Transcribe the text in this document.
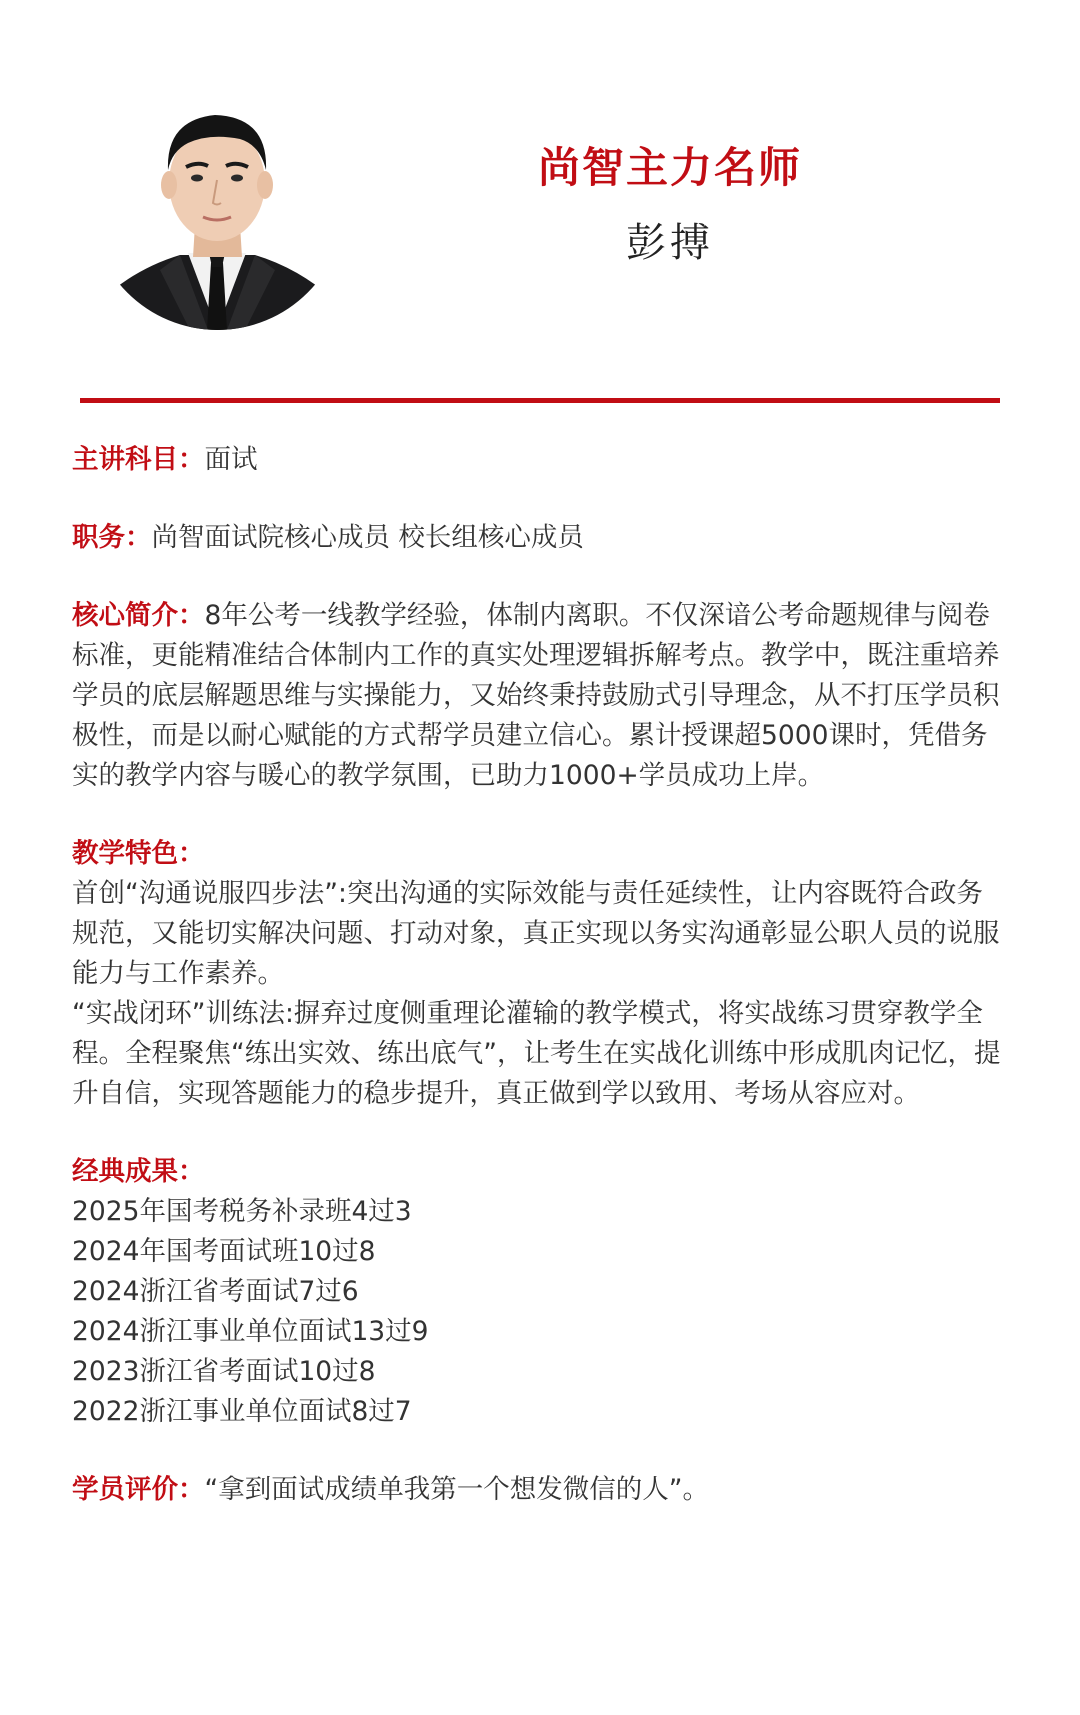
尚智主力名师
彭搏
主讲科目：面试
职务：尚智面试院核心成员 校长组核心成员
核心简介：8年公考一线教学经验，体制内离职。不仅深谙公考命题规律与阅卷标准，更能精准结合体制内工作的真实处理逻辑拆解考点。教学中，既注重培养学员的底层解题思维与实操能力，又始终秉持鼓励式引导理念，从不打压学员积极性，而是以耐心赋能的方式帮学员建立信心。累计授课超5000课时，凭借务实的教学内容与暖心的教学氛围，已助力1000+学员成功上岸。
教学特色：
首创“沟通说服四步法”:突出沟通的实际效能与责任延续性，让内容既符合政务规范，又能切实解决问题、打动对象，真正实现以务实沟通彰显公职人员的说服能力与工作素养。
“实战闭环”训练法:摒弃过度侧重理论灌输的教学模式，将实战练习贯穿教学全程。全程聚焦“练出实效、练出底气”，让考生在实战化训练中形成肌肉记忆，提升自信，实现答题能力的稳步提升，真正做到学以致用、考场从容应对。
经典成果：
2025年国考税务补录班4过3
2024年国考面试班10过8
2024浙江省考面试7过6
2024浙江事业单位面试13过9
2023浙江省考面试10过8
2022浙江事业单位面试8过7
学员评价：“拿到面试成绩单我第一个想发微信的人”。
